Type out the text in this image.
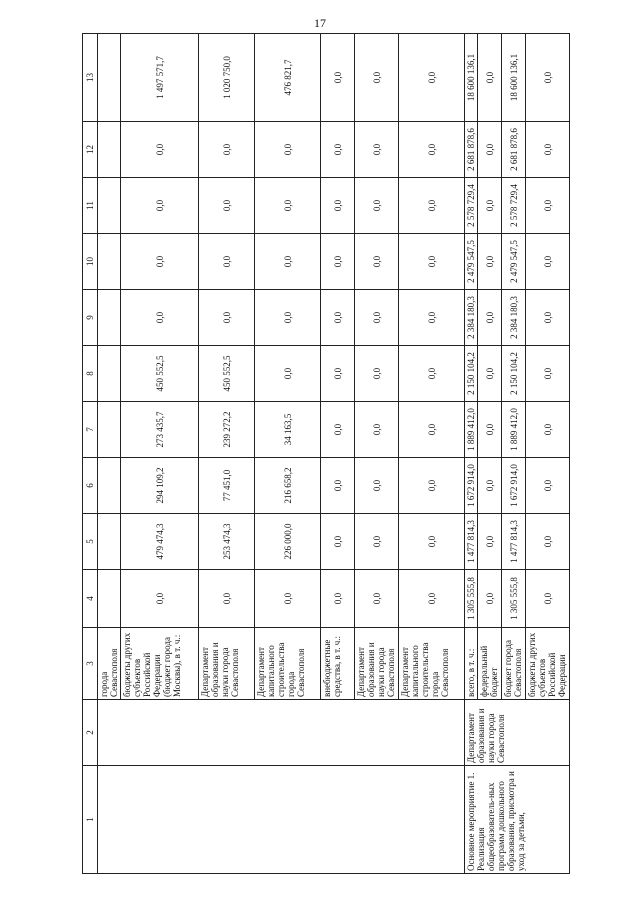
17
1	2	3	4	5	6	7	8	9	10	11	12	13
		города Севастополя										
		бюджеты других субъектов Российской Федерации (бюджет города Москвы), в т. ч.:	0,0	479 474,3	294 109,2	273 435,7	450 552,5	0,0	0,0	0,0	0,0	1 497 571,7
		Департамент образования и науки города Севастополя	0,0	253 474,3	77 451,0	239 272,2	450 552,5	0,0	0,0	0,0	0,0	1 020 750,0
		Департамент капитального строительства города Севастополя	0,0	226 000,0	216 658,2	34 163,5	0,0	0,0	0,0	0,0	0,0	476 821,7
		внебюджетные средства, в т. ч.:	0,0	0,0	0,0	0,0	0,0	0,0	0,0	0,0	0,0	0,0
		Департамент образования и науки города Севастополя	0,0	0,0	0,0	0,0	0,0	0,0	0,0	0,0	0,0	0,0
		Департамент капитального строительства города Севастополя	0,0	0,0	0,0	0,0	0,0	0,0	0,0	0,0	0,0	0,0
Основное мероприятие 1. Реализация общеобразователь-ных программ дошкольного образования, присмотра и уход за детьми,	Департамент образования и науки города Севастополя	всего, в т. ч.:	1 305 555,8	1 477 814,3	1 672 914,0	1 889 412,0	2 150 104,2	2 384 180,3	2 479 547,5	2 578 729,4	2 681 878,6	18 600 136,1
		федеральный бюджет	0,0	0,0	0,0	0,0	0,0	0,0	0,0	0,0	0,0	0,0
		бюджет города Севастополя	1 305 555,8	1 477 814,3	1 672 914,0	1 889 412,0	2 150 104,2	2 384 180,3	2 479 547,5	2 578 729,4	2 681 878,6	18 600 136,1
		бюджеты других субъектов Российской Федерации	0,0	0,0	0,0	0,0	0,0	0,0	0,0	0,0	0,0	0,0
